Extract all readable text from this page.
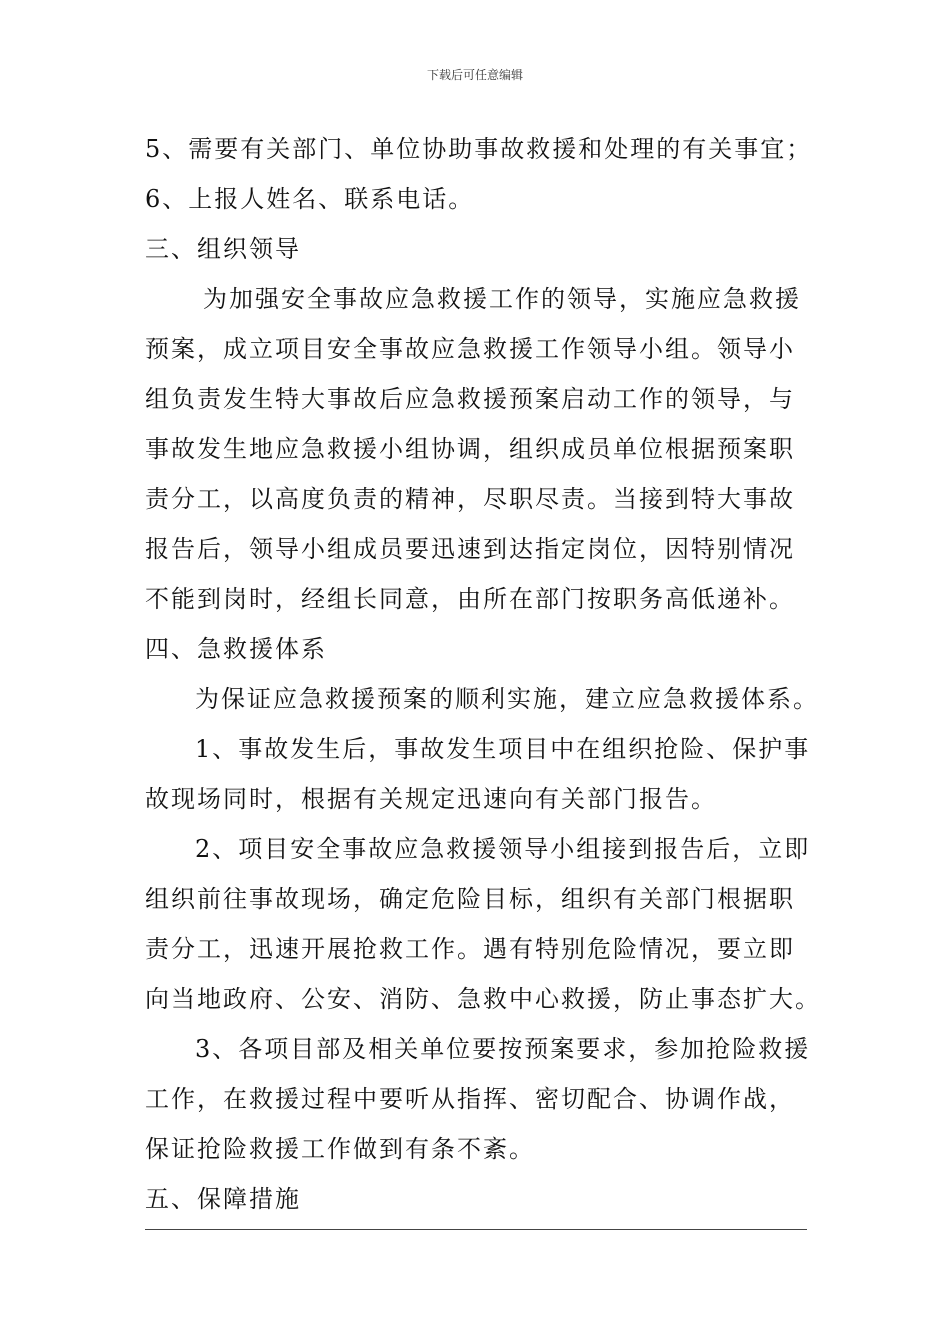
下载后可任意编辑
5、需要有关部门、单位协助事故救援和处理的有关事宜；
6、上报人姓名、联系电话。
三、组织领导
为加强安全事故应急救援工作的领导，实施应急救援
预案，成立项目安全事故应急救援工作领导小组。领导小
组负责发生特大事故后应急救援预案启动工作的领导，与
事故发生地应急救援小组协调，组织成员单位根据预案职
责分工，以高度负责的精神，尽职尽责。当接到特大事故
报告后，领导小组成员要迅速到达指定岗位，因特别情况
不能到岗时，经组长同意，由所在部门按职务高低递补。
四、急救援体系
为保证应急救援预案的顺利实施，建立应急救援体系。
1、事故发生后，事故发生项目中在组织抢险、保护事
故现场同时，根据有关规定迅速向有关部门报告。
2、项目安全事故应急救援领导小组接到报告后，立即
组织前往事故现场，确定危险目标，组织有关部门根据职
责分工，迅速开展抢救工作。遇有特别危险情况，要立即
向当地政府、公安、消防、急救中心救援，防止事态扩大。
3、各项目部及相关单位要按预案要求，参加抢险救援
工作，在救援过程中要听从指挥、密切配合、协调作战，
保证抢险救援工作做到有条不紊。
五、保障措施
